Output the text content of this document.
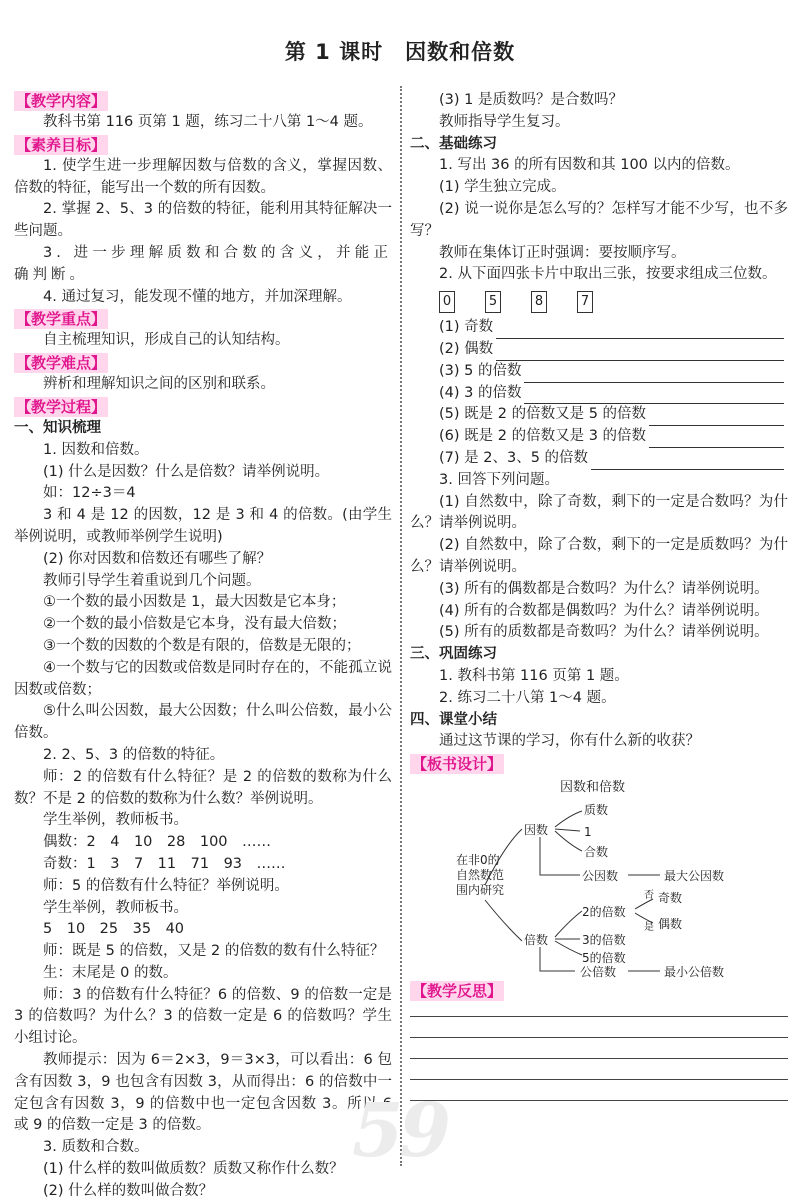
第 1 课时　因数和倍数
【教学内容】

教科书第 116 页第 1 题，练习二十八第 1～4 题。

【素养目标】

1. 使学生进一步理解因数与倍数的含义，掌握因数、倍数的特征，能写出一个数的所有因数。

2. 掌握 2、5、3 的倍数的特征，能利用其特征解决一些问题。

3. 进一步理解质数和合数的含义，并能正确判断。

4. 通过复习，能发现不懂的地方，并加深理解。

【教学重点】

自主梳理知识，形成自己的认知结构。

【教学难点】

辨析和理解知识之间的区别和联系。

【教学过程】
一、知识梳理

1. 因数和倍数。

(1) 什么是因数？什么是倍数？请举例说明。

如：12÷3＝4

3 和 4 是 12 的因数，12 是 3 和 4 的倍数。(由学生举例说明，或教师举例学生说明)

(2) 你对因数和倍数还有哪些了解？

教师引导学生着重说到几个问题。

①一个数的最小因数是 1，最大因数是它本身；

②一个数的最小倍数是它本身，没有最大倍数；

③一个数的因数的个数是有限的，倍数是无限的；

④一个数与它的因数或倍数是同时存在的，不能孤立说因数或倍数；

⑤什么叫公因数，最大公因数；什么叫公倍数，最小公倍数。

2. 2、5、3 的倍数的特征。

师：2 的倍数有什么特征？是 2 的倍数的数称为什么数？不是 2 的倍数的数称为什么数？举例说明。

学生举例，教师板书。

偶数：2　4　10　28　100　……

奇数：1　3　7　11　71　93　……

师：5 的倍数有什么特征？举例说明。

学生举例，教师板书。

5　10　25　35　40

师：既是 5 的倍数，又是 2 的倍数的数有什么特征？

生：末尾是 0 的数。

师：3 的倍数有什么特征？6 的倍数、9 的倍数一定是 3 的倍数吗？为什么？3 的倍数一定是 6 的倍数吗？学生小组讨论。

教师提示：因为 6＝2×3，9＝3×3，可以看出：6 包含有因数 3，9 也包含有因数 3，从而得出：6 的倍数中一定包含有因数 3，9 的倍数中也一定包含因数 3。所以 6 或 9 的倍数一定是 3 的倍数。

3. 质数和合数。

(1) 什么样的数叫做质数？质数又称作什么数？

(2) 什么样的数叫做合数？

(3) 1 是质数吗？是合数吗？

教师指导学生复习。

二、基础练习

1. 写出 36 的所有因数和其 100 以内的倍数。

(1) 学生独立完成。

(2) 说一说你是怎么写的？怎样写才能不少写，也不多写？

教师在集体订正时强调：要按顺序写。

2. 从下面四张卡片中取出三张，按要求组成三位数。

0	5	8	7
(1) 奇数
(2) 偶数
(3) 5 的倍数
(4) 3 的倍数
(5) 既是 2 的倍数又是 5 的倍数
(6) 既是 2 的倍数又是 3 的倍数
(7) 是 2、3、5 的倍数

3. 回答下列问题。

(1) 自然数中，除了奇数，剩下的一定是合数吗？为什么？请举例说明。

(2) 自然数中，除了合数，剩下的一定是质数吗？为什么？请举例说明。

(3) 所有的偶数都是合数吗？为什么？请举例说明。

(4) 所有的合数都是偶数吗？为什么？请举例说明。

(5) 所有的质数都是奇数吗？为什么？请举例说明。

三、巩固练习

1. 教科书第 116 页第 1 题。

2. 练习二十八第 1～4 题。

四、课堂小结

通过这节课的学习，你有什么新的收获？

【板书设计】
因数和倍数
在非0的自然数范围内研究
因数
质数
1
合数
公因数	最大公因数
倍数
2的倍数
否
是
奇数
偶数
3的倍数
5的倍数
公倍数	最小公倍数
【教学反思】
59
